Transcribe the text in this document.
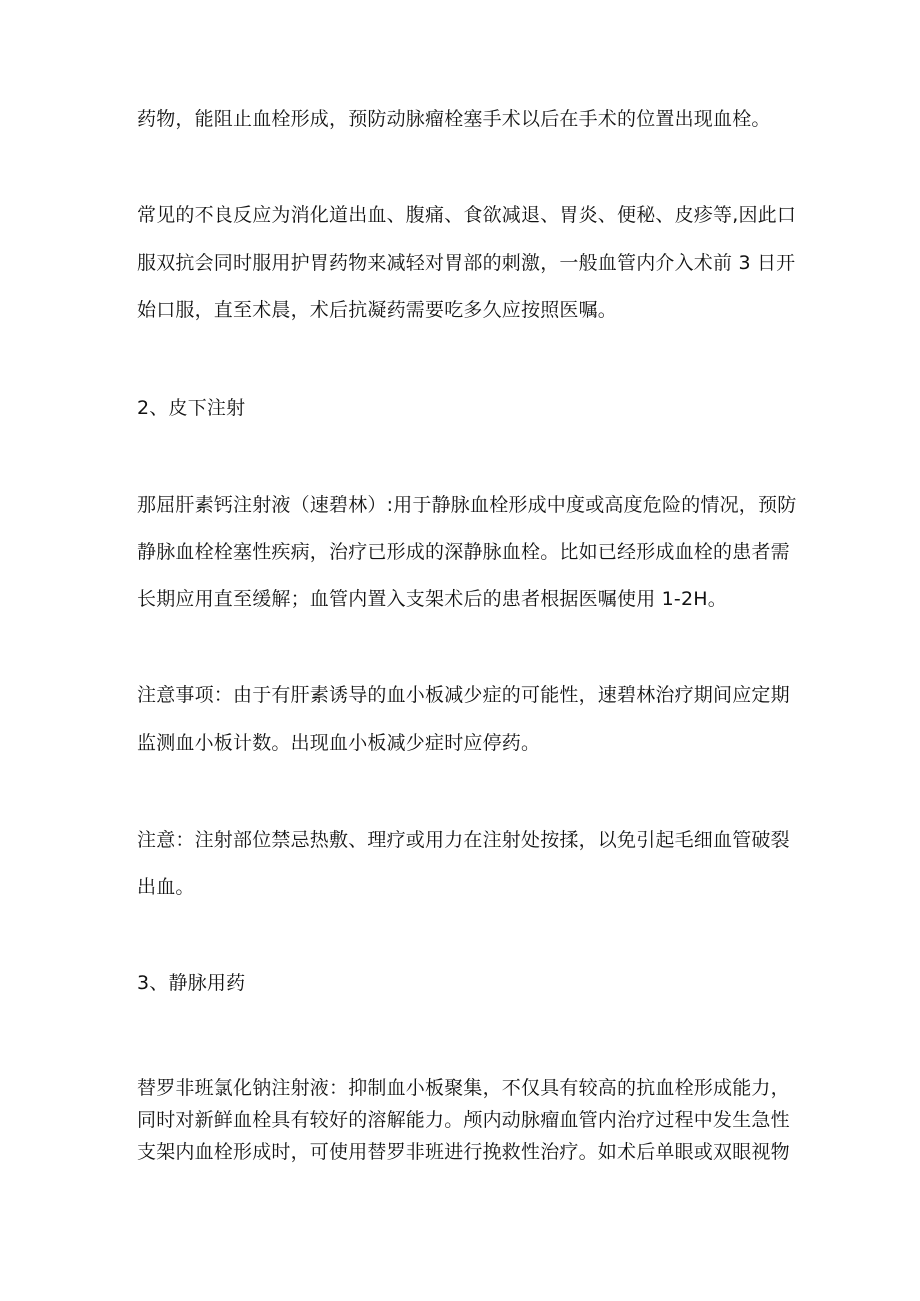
药物，能阻止血栓形成，预防动脉瘤栓塞手术以后在手术的位置出现血栓。
常见的不良反应为消化道出血、腹痛、食欲减退、胃炎、便秘、皮疹等,因此口
服双抗会同时服用护胃药物来减轻对胃部的刺激，一般血管内介入术前 3 日开
始口服，直至术晨，术后抗凝药需要吃多久应按照医嘱。
2、皮下注射
那屈肝素钙注射液（速碧林）:用于静脉血栓形成中度或高度危险的情况，预防
静脉血栓栓塞性疾病，治疗已形成的深静脉血栓。比如已经形成血栓的患者需
长期应用直至缓解；血管内置入支架术后的患者根据医嘱使用 1-2H。
注意事项：由于有肝素诱导的血小板减少症的可能性，速碧林治疗期间应定期
监测血小板计数。出现血小板减少症时应停药。
注意：注射部位禁忌热敷、理疗或用力在注射处按揉，以免引起毛细血管破裂
出血。
3、静脉用药
替罗非班氯化钠注射液：抑制血小板聚集，不仅具有较高的抗血栓形成能力，
同时对新鲜血栓具有较好的溶解能力。颅内动脉瘤血管内治疗过程中发生急性
支架内血栓形成时，可使用替罗非班进行挽救性治疗。如术后单眼或双眼视物
